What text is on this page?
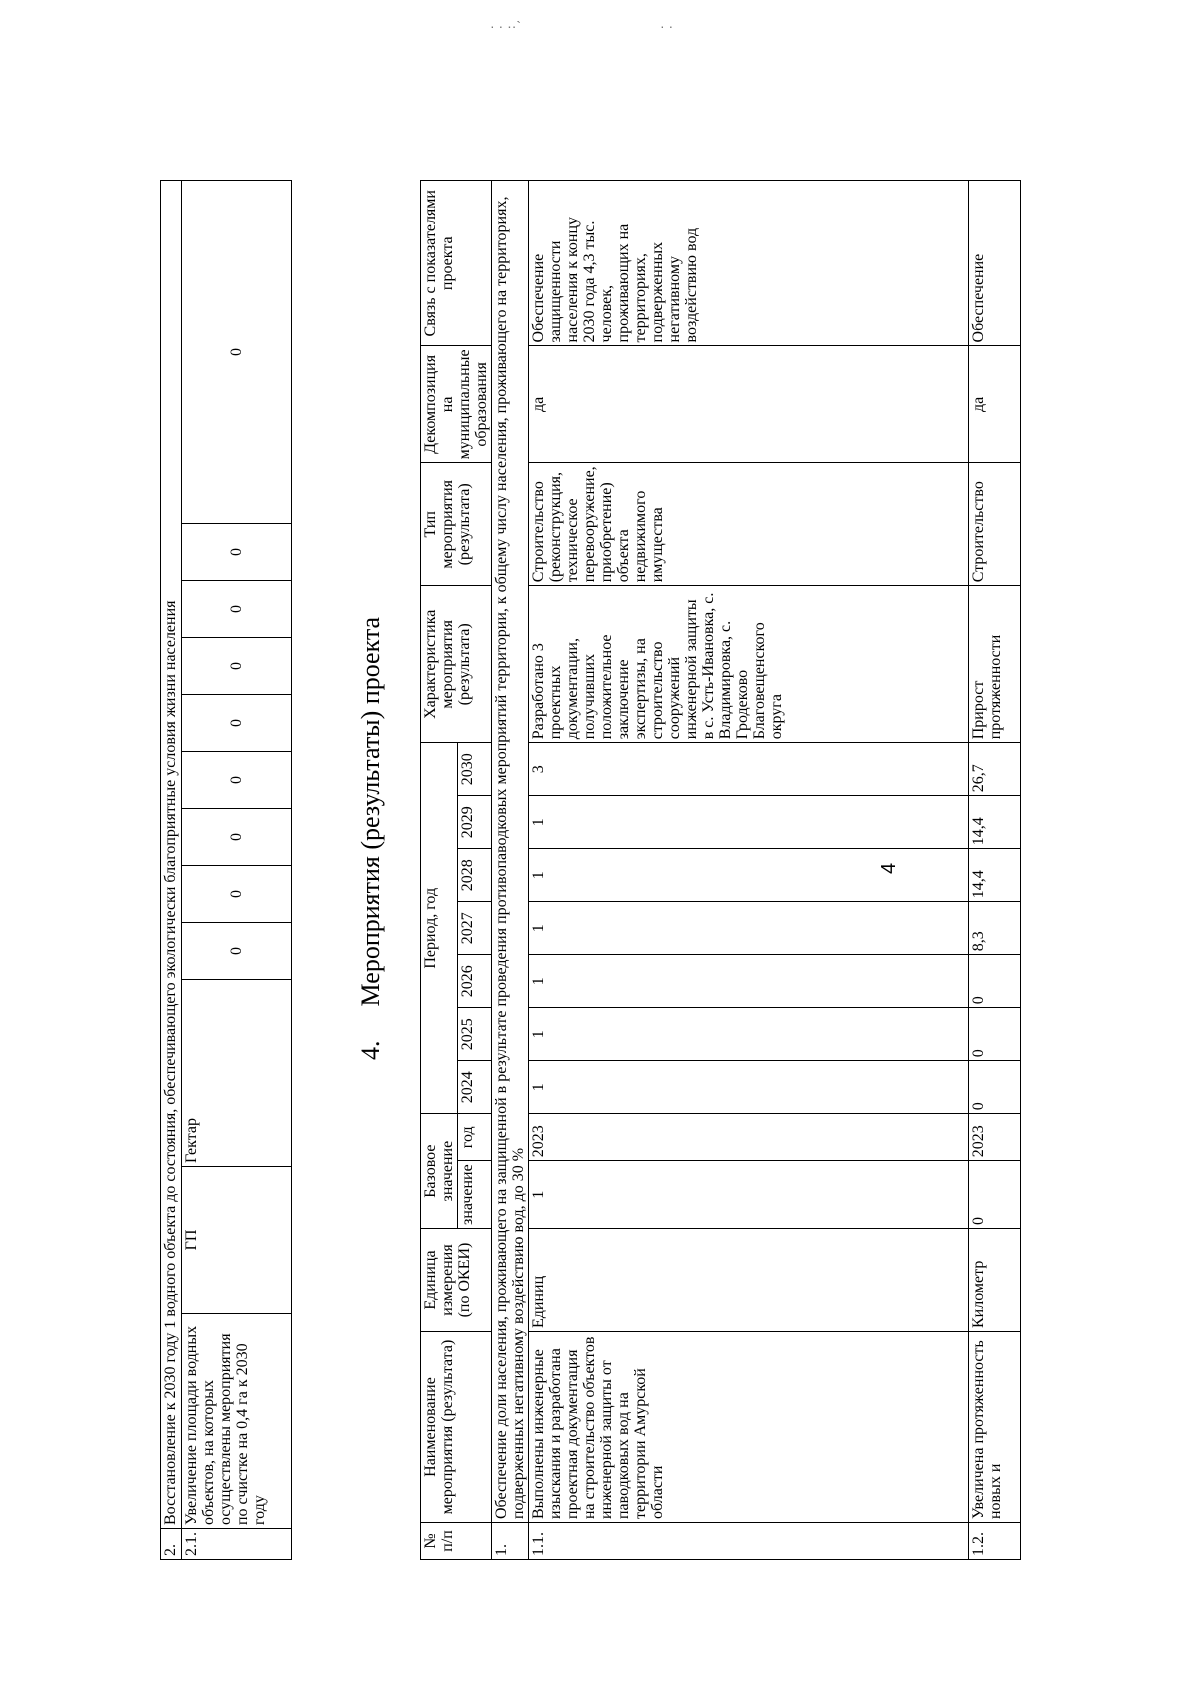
· · ··`	· ·
4
2.	Восстановление к 2030 году 1 водного объекта до состояния, обеспечивающего экологически благоприятные условия жизни населения											
2.1.	Увеличение площади водных объектов, на которых осуществлены мероприятия по счистке на 0,4 га к 2030 году	ГП	Гектар	0	0	0	0	0	0	0	0	0
4.Мероприятия (результаты) проекта
№ п/п	Наименование мероприятия (результата)	Единица измерения (по ОКЕИ)	Базовое значение		Период, год							Характеристика мероприятия (результата)	Тип мероприятия (результата)	Декомпозиция на муниципальные образования	Связь с показателями проекта
			значение	год	2024	2025	2026	2027	2028	2029	2030				

1.	Обеспечение доли населения, проживающего на защищенной в результате проведения противопаводковых мероприятий территории, к общему числу населения, проживающего на территориях, подверженных негативному воздействию вод, до 30 %														
1.1.	Выполнены инженерные изыскания и разработана проектная документация на строительство объектов инженерной защиты от паводковых вод на территории Амурской области	Единиц	1	2023	1	1	1	1	1	1	3	Разработано 3 проектных документации, получивших положительное заключение экспертизы, на строительство сооружений инженерной защиты в с. Усть-Ивановка, с. Владимировка, с. Гродеково Благовещенского округа	Строительство (реконструкция, техническое перевооружение, приобретение) объекта недвижимого имущества	да	Обеспечение защищенности населения к концу 2030 года 4,3 тыс. человек, проживающих на территориях, подверженных негативному воздействию вод
1.2.	Увеличена протяженность новых и	Километр	0	2023	0	0	0	8,3	14,4	14,4	26,7	Прирост протяженности	Строительство	да	Обеспечение
